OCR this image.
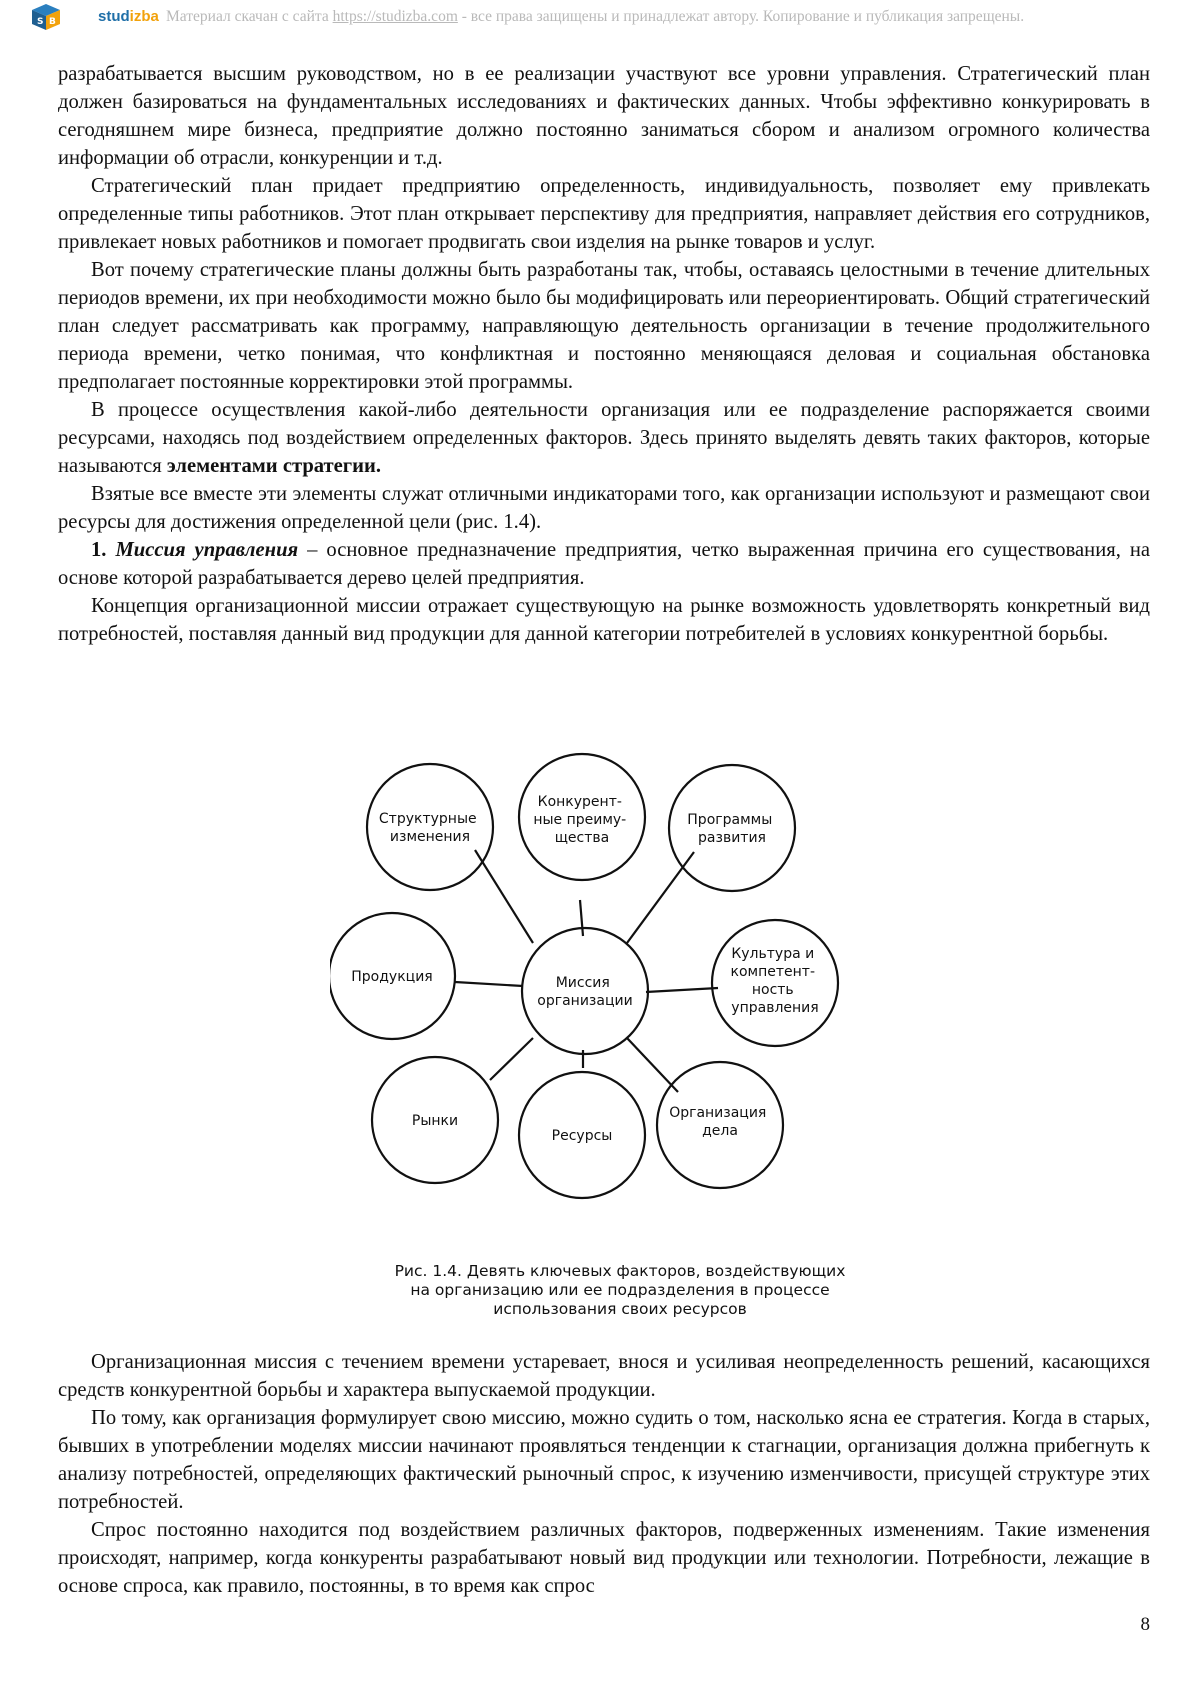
S B	studizba Материал скачан с сайта https://studizba.com - все права защищены и принадлежат автору. Копирование и публикация запрещены.

разрабатывается высшим руководством, но в ее реализации участвуют все уровни управления. Стратегический план должен базироваться на фундаментальных исследованиях и фактических данных. Чтобы эффективно конкурировать в сегодняшнем мире бизнеса, предприятие должно постоянно заниматься сбором и анализом огромного количества информации об отрасли, конкуренции и т.д.

Стратегический план придает предприятию определенность, индивидуальность, позволяет ему привлекать определенные типы работников. Этот план открывает перспективу для предприятия, направляет действия его сотрудников, привлекает новых работников и помогает продвигать свои изделия на рынке товаров и услуг.

Вот почему стратегические планы должны быть разработаны так, чтобы, оставаясь целостными в течение длительных периодов времени, их при необходимости можно было бы модифицировать или переориентировать. Общий стратегический план следует рассматривать как программу, направляющую деятельность организации в течение продолжительного периода времени, четко понимая, что конфликтная и постоянно меняющаяся деловая и социальная обстановка предполагает постоянные корректировки этой программы.

В процессе осуществления какой-либо деятельности организация или ее подразделение распоряжается своими ресурсами, находясь под воздействием определенных факторов. Здесь принято выделять девять таких факторов, которые называются элементами стратегии.

Взятые все вместе эти элементы служат отличными индикаторами того, как организации используют и размещают свои ресурсы для достижения определенной цели (рис. 1.4).

1. Миссия управления – основное предназначение предприятия, четко выраженная причина его существования, на основе которой разрабатывается дерево целей предприятия.

Концепция организационной миссии отражает существующую на рынке возможность удовлетворять конкретный вид потребностей, поставляя данный вид продукции для данной категории потребителей в условиях конкурентной борьбы.

Структурные изменения
Конкурент- ные преиму- щества
Программы развития
Продукция	Миссия организации
Культура и компетент- ность управления
Рынки
Ресурсы
Организация дела
Рис. 1.4. Девять ключевых факторов, воздействующих
на организацию или ее подразделения в процессе
использования своих ресурсов

Организационная миссия с течением времени устаревает, внося и усиливая неопределенность решений, касающихся средств конкурентной борьбы и характера выпускаемой продукции.

По тому, как организация формулирует свою миссию, можно судить о том, насколько ясна ее стратегия. Когда в старых, бывших в употреблении моделях миссии начинают проявляться тенденции к стагнации, организация должна прибегнуть к анализу потребностей, определяющих фактический рыночный спрос, к изучению изменчивости, присущей структуре этих потребностей.

Спрос постоянно находится под воздействием различных факторов, подверженных изменениям. Такие изменения происходят, например, когда конкуренты разрабатывают новый вид продукции или технологии. Потребности, лежащие в основе спроса, как правило, постоянны, в то время как спрос

8
